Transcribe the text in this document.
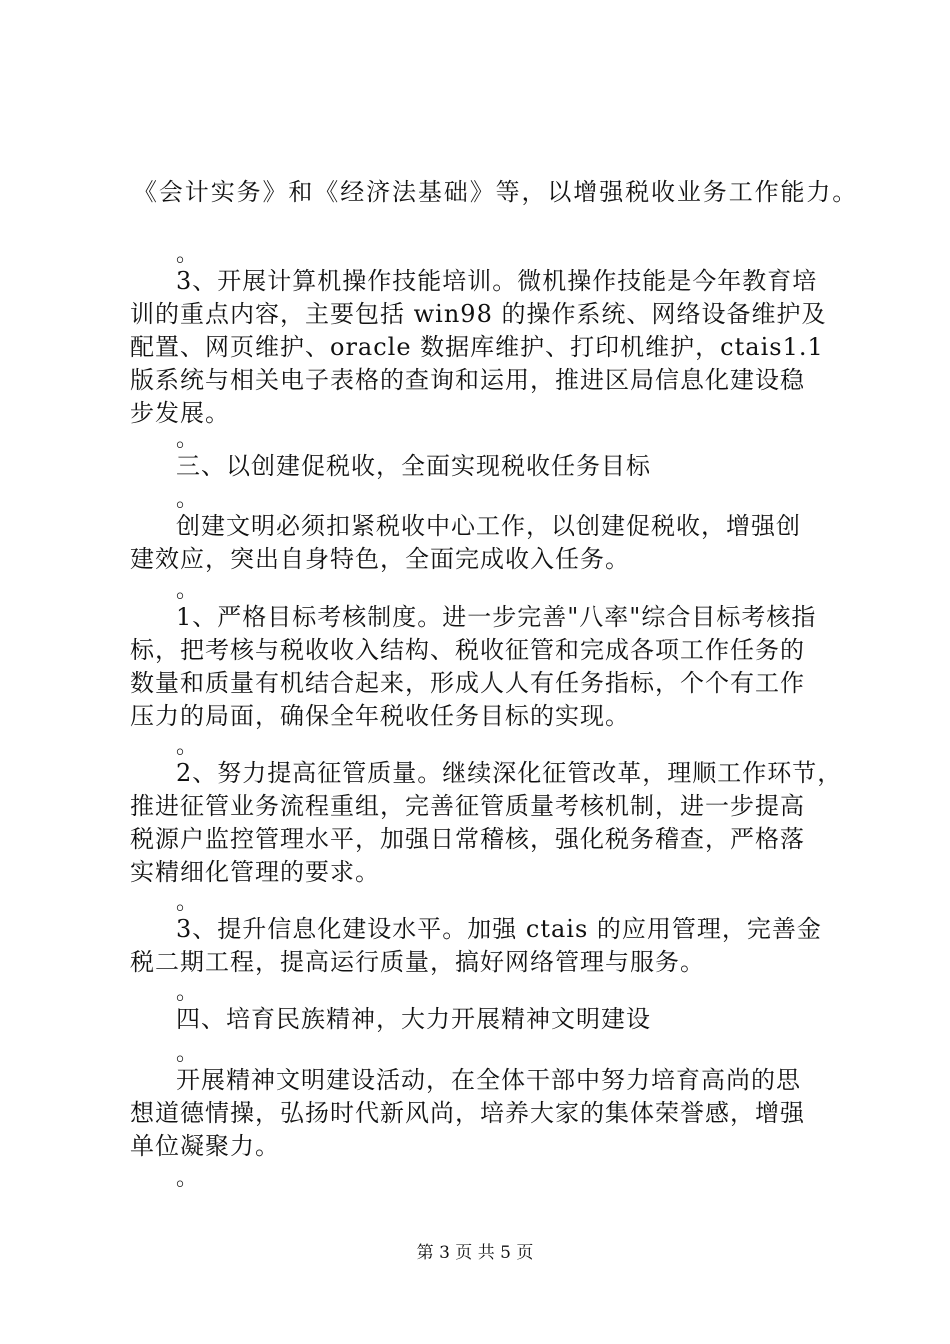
《会计实务》和《经济法基础》等，以增强税收业务工作能力。
。
3、开展计算机操作技能培训。微机操作技能是今年教育培
训的重点内容，主要包括 win98 的操作系统、网络设备维护及
配置、网页维护、oracle 数据库维护、打印机维护，ctais1.1
版系统与相关电子表格的查询和运用，推进区局信息化建设稳
步发展。
。
三、以创建促税收，全面实现税收任务目标
。
创建文明必须扣紧税收中心工作，以创建促税收，增强创
建效应，突出自身特色，全面完成收入任务。
。
1、严格目标考核制度。进一步完善"八率"综合目标考核指
标，把考核与税收收入结构、税收征管和完成各项工作任务的
数量和质量有机结合起来，形成人人有任务指标，个个有工作
压力的局面，确保全年税收任务目标的实现。
。
2、努力提高征管质量。继续深化征管改革，理顺工作环节，
推进征管业务流程重组，完善征管质量考核机制，进一步提高
税源户监控管理水平，加强日常稽核，强化税务稽查，严格落
实精细化管理的要求。
。
3、提升信息化建设水平。加强 ctais 的应用管理，完善金
税二期工程，提高运行质量，搞好网络管理与服务。
。
四、培育民族精神，大力开展精神文明建设
。
开展精神文明建设活动，在全体干部中努力培育高尚的思
想道德情操，弘扬时代新风尚，培养大家的集体荣誉感，增强
单位凝聚力。
。
第 3 页 共 5 页
